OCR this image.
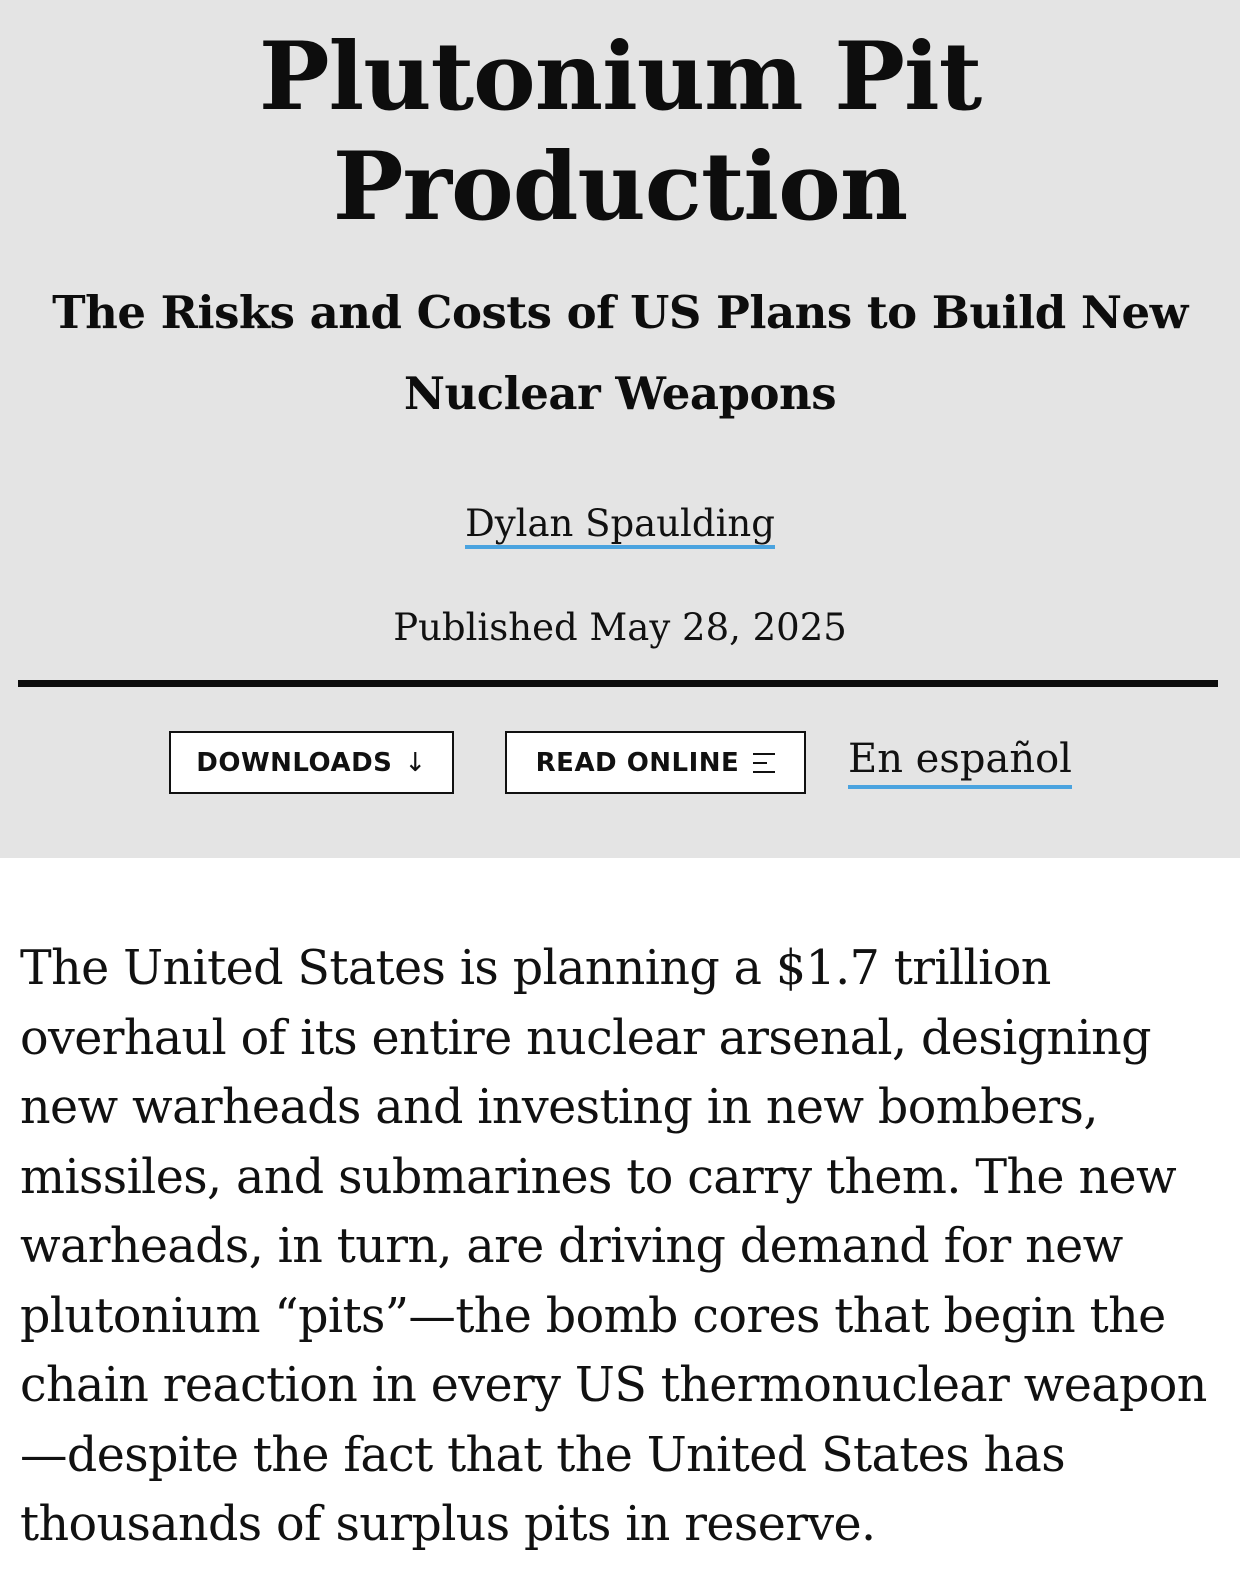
Plutonium Pit
Production
The Risks and Costs of US Plans to Build New Nuclear Weapons
Dylan Spaulding
Published May 28, 2025
DOWNLOADS ↓	READ ONLINE	En español

The United States is planning a $1.7 trillion overhaul of its entire nuclear arsenal, designing new warheads and investing in new bombers, missiles, and submarines to carry them. The new warheads, in turn, are driving demand for new plutonium “pits”—the bomb cores that begin the chain reaction in every US thermonuclear weapon—despite the fact that the United States has thousands of surplus pits in reserve.
